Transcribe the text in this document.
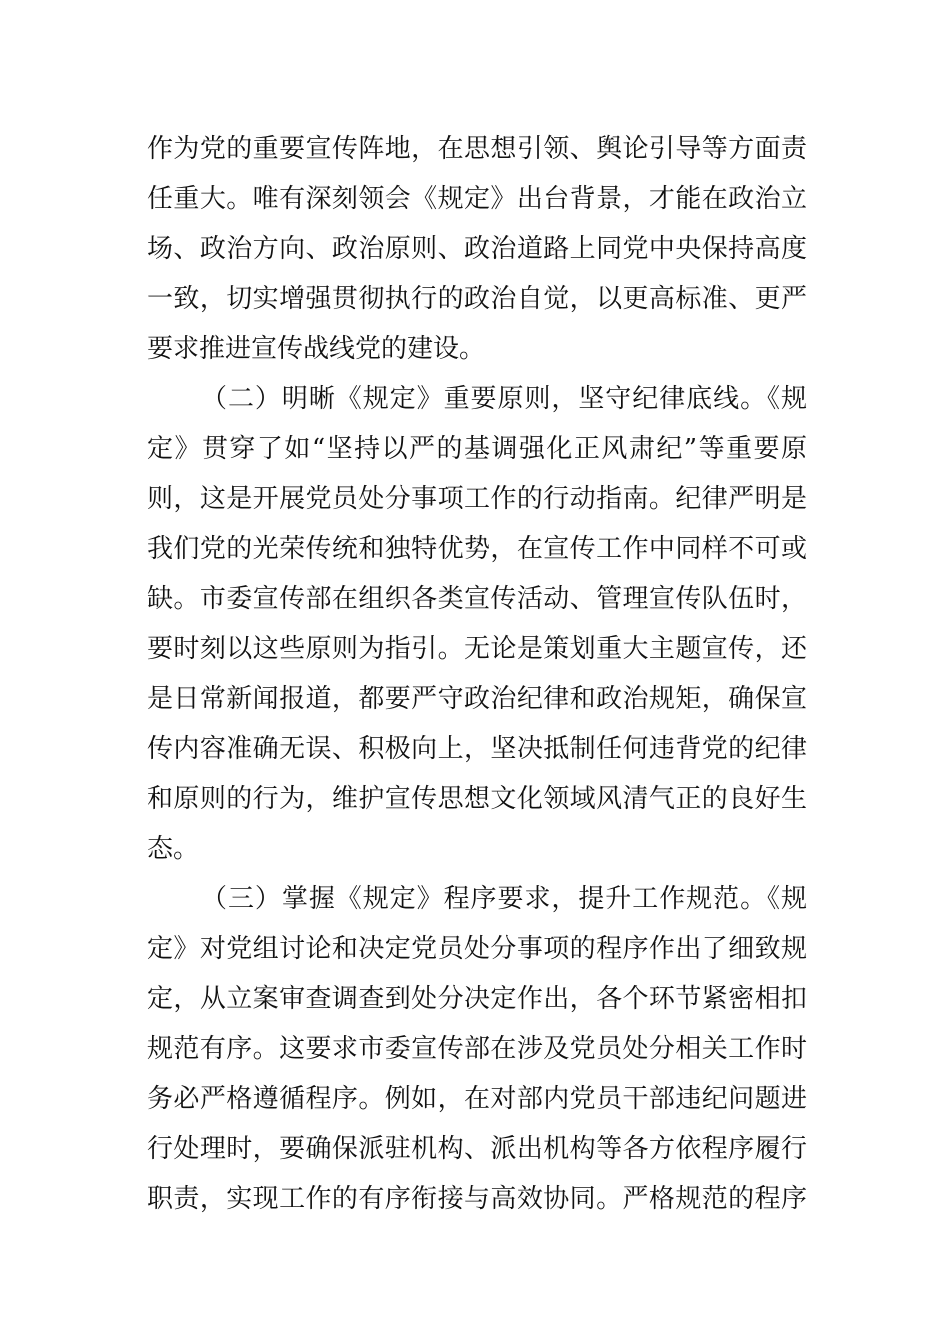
作为党的重要宣传阵地，在思想引领、舆论引导等方面责
任重大。唯有深刻领会《规定》出台背景，才能在政治立
场、政治方向、政治原则、政治道路上同党中央保持高度
一致，切实增强贯彻执行的政治自觉，以更高标准、更严
要求推进宣传战线党的建设。
（二）明晰《规定》重要原则，坚守纪律底线。《规
定》贯穿了如“坚持以严的基调强化正风肃纪”等重要原
则，这是开展党员处分事项工作的行动指南。纪律严明是
我们党的光荣传统和独特优势，在宣传工作中同样不可或
缺。市委宣传部在组织各类宣传活动、管理宣传队伍时，
要时刻以这些原则为指引。无论是策划重大主题宣传，还
是日常新闻报道，都要严守政治纪律和政治规矩，确保宣
传内容准确无误、积极向上，坚决抵制任何违背党的纪律
和原则的行为，维护宣传思想文化领域风清气正的良好生
态。
（三）掌握《规定》程序要求，提升工作规范。《规
定》对党组讨论和决定党员处分事项的程序作出了细致规
定，从立案审查调查到处分决定作出，各个环节紧密相扣
规范有序。这要求市委宣传部在涉及党员处分相关工作时
务必严格遵循程序。例如，在对部内党员干部违纪问题进
行处理时，要确保派驻机构、派出机构等各方依程序履行
职责，实现工作的有序衔接与高效协同。严格规范的程序
